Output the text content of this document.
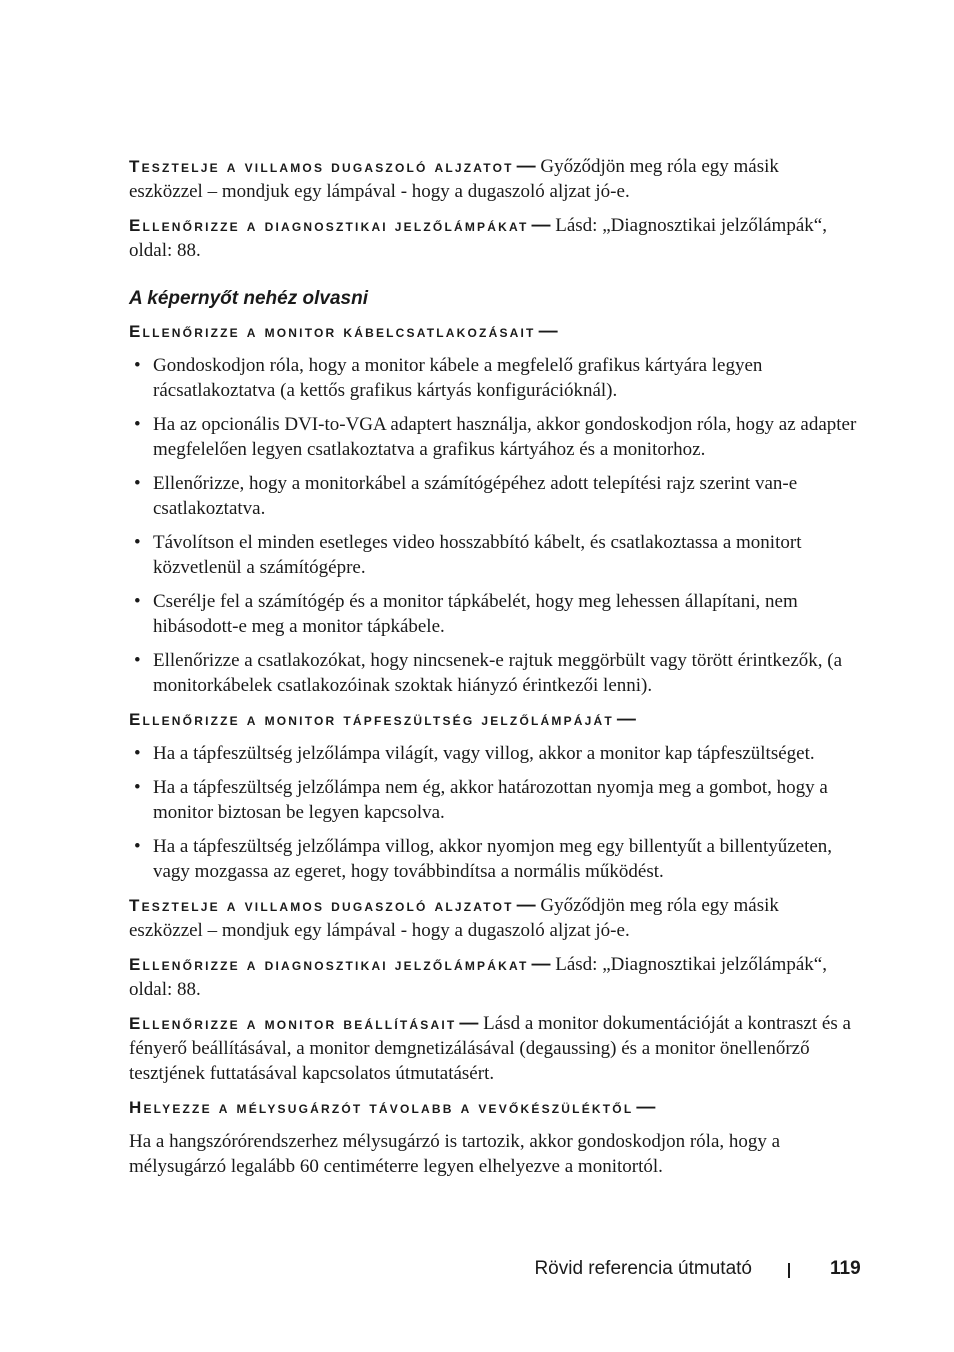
Tesztelje a villamos dugaszoló aljzatot — Győződjön meg róla egy másik eszközzel – mondjuk egy lámpával - hogy a dugaszoló aljzat jó-e.

Ellenőrizze a diagnosztikai jelzőlámpákat — Lásd: „Diagnosztikai jelzőlámpák“, oldal: 88.

A képernyőt nehéz olvasni

Ellenőrizze a monitor kábelcsatlakozásait —

• Gondoskodjon róla, hogy a monitor kábele a megfelelő grafikus kártyára legyen rácsatlakoztatva (a kettős grafikus kártyás konfigurációknál).
• Ha az opcionális DVI-to-VGA adaptert használja, akkor gondoskodjon róla, hogy az adapter megfelelően legyen csatlakoztatva a grafikus kártyához és a monitorhoz.
• Ellenőrizze, hogy a monitorkábel a számítógépéhez adott telepítési rajz szerint van-e csatlakoztatva.
• Távolítson el minden esetleges video hosszabbító kábelt, és csatlakoztassa a monitort közvetlenül a számítógépre.
• Cserélje fel a számítógép és a monitor tápkábelét, hogy meg lehessen állapítani, nem hibásodott-e meg a monitor tápkábele.
• Ellenőrizze a csatlakozókat, hogy nincsenek-e rajtuk meggörbült vagy törött érintkezők, (a monitorkábelek csatlakozóinak szoktak hiányzó érintkezői lenni).

Ellenőrizze a monitor tápfeszültség jelzőlámpáját —

• Ha a tápfeszültség jelzőlámpa világít, vagy villog, akkor a monitor kap tápfeszültséget.
• Ha a tápfeszültség jelzőlámpa nem ég, akkor határozottan nyomja meg a gombot, hogy a monitor biztosan be legyen kapcsolva.
• Ha a tápfeszültség jelzőlámpa villog, akkor nyomjon meg egy billentyűt a billentyűzeten, vagy mozgassa az egeret, hogy továbbindítsa a normális működést.

Tesztelje a villamos dugaszoló aljzatot — Győződjön meg róla egy másik eszközzel – mondjuk egy lámpával - hogy a dugaszoló aljzat jó-e.

Ellenőrizze a diagnosztikai jelzőlámpákat — Lásd: „Diagnosztikai jelzőlámpák“, oldal: 88.

Ellenőrizze a monitor beállításait — Lásd a monitor dokumentációját a kontraszt és a fényerő beállításával, a monitor demgnetizálásával (degaussing) és a monitor önellenőrző tesztjének futtatásával kapcsolatos útmutatásért.

Helyezze a mélysugárzót távolabb a vevőkészüléktől —

Ha a hangszórórendszerhez mélysugárzó is tartozik, akkor gondoskodjon róla, hogy a mélysugárzó legalább 60 centiméterre legyen elhelyezve a monitortól.

Rövid referencia útmutató	119
